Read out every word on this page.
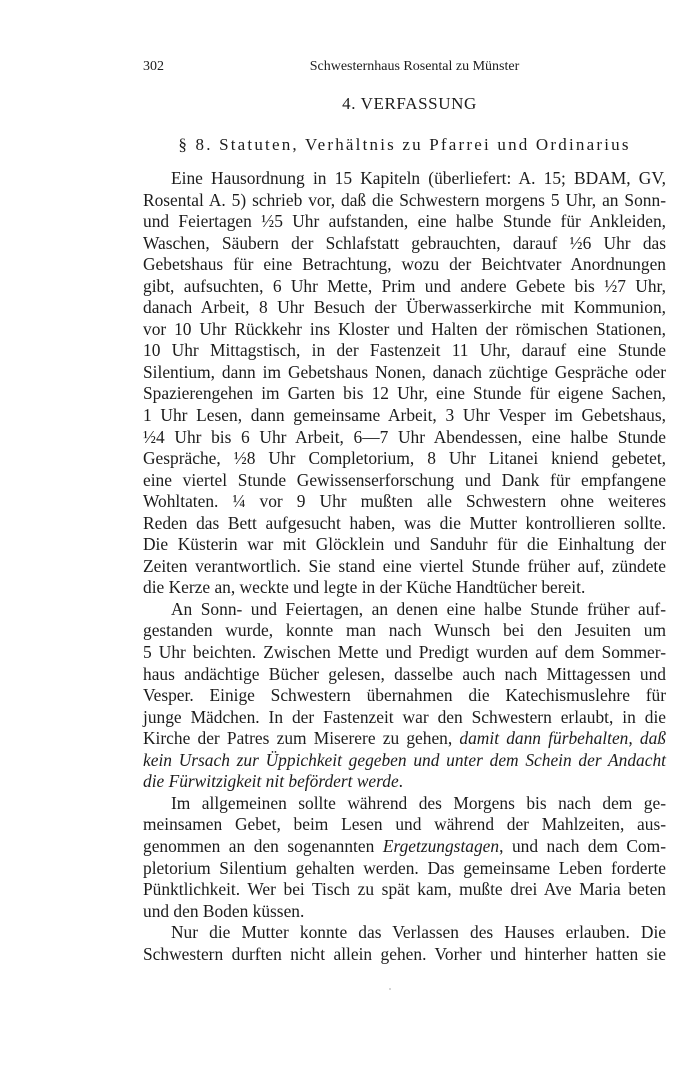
302	Schwesternhaus Rosental zu Münster
4. VERFASSUNG
§ 8. Statuten, Verhältnis zu Pfarrei und Ordinarius
Eine Hausordnung in 15 Kapiteln (überliefert: A. 15; BDAM, GV,
Rosental A. 5) schrieb vor, daß die Schwestern morgens 5 Uhr, an Sonn-
und Feiertagen ½5 Uhr aufstanden, eine halbe Stunde für Ankleiden,
Waschen, Säubern der Schlafstatt gebrauchten, darauf ½6 Uhr das
Gebetshaus für eine Betrachtung, wozu der Beichtvater Anordnungen
gibt, aufsuchten, 6 Uhr Mette, Prim und andere Gebete bis ½7 Uhr,
danach Arbeit, 8 Uhr Besuch der Überwasserkirche mit Kommunion,
vor 10 Uhr Rückkehr ins Kloster und Halten der römischen Stationen,
10 Uhr Mittagstisch, in der Fastenzeit 11 Uhr, darauf eine Stunde
Silentium, dann im Gebetshaus Nonen, danach züchtige Gespräche oder
Spazierengehen im Garten bis 12 Uhr, eine Stunde für eigene Sachen,
1 Uhr Lesen, dann gemeinsame Arbeit, 3 Uhr Vesper im Gebetshaus,
½4 Uhr bis 6 Uhr Arbeit, 6—7 Uhr Abendessen, eine halbe Stunde
Gespräche, ½8 Uhr Completorium, 8 Uhr Litanei kniend gebetet,
eine viertel Stunde Gewissenserforschung und Dank für empfangene
Wohltaten. ¼ vor 9 Uhr mußten alle Schwestern ohne weiteres
Reden das Bett aufgesucht haben, was die Mutter kontrollieren sollte.
Die Küsterin war mit Glöcklein und Sanduhr für die Einhaltung der
Zeiten verantwortlich. Sie stand eine viertel Stunde früher auf, zündete
die Kerze an, weckte und legte in der Küche Handtücher bereit.
An Sonn- und Feiertagen, an denen eine halbe Stunde früher auf-
gestanden wurde, konnte man nach Wunsch bei den Jesuiten um
5 Uhr beichten. Zwischen Mette und Predigt wurden auf dem Sommer-
haus andächtige Bücher gelesen, dasselbe auch nach Mittagessen und
Vesper. Einige Schwestern übernahmen die Katechismuslehre für
junge Mädchen. In der Fastenzeit war den Schwestern erlaubt, in die
Kirche der Patres zum Miserere zu gehen, damit dann fürbehalten, daß
kein Ursach zur Üppichkeit gegeben und unter dem Schein der Andacht
die Fürwitzigkeit nit befördert werde.
Im allgemeinen sollte während des Morgens bis nach dem ge-
meinsamen Gebet, beim Lesen und während der Mahlzeiten, aus-
genommen an den sogenannten Ergetzungstagen, und nach dem Com-
pletorium Silentium gehalten werden. Das gemeinsame Leben forderte
Pünktlichkeit. Wer bei Tisch zu spät kam, mußte drei Ave Maria beten
und den Boden küssen.
Nur die Mutter konnte das Verlassen des Hauses erlauben. Die
Schwestern durften nicht allein gehen. Vorher und hinterher hatten sie
